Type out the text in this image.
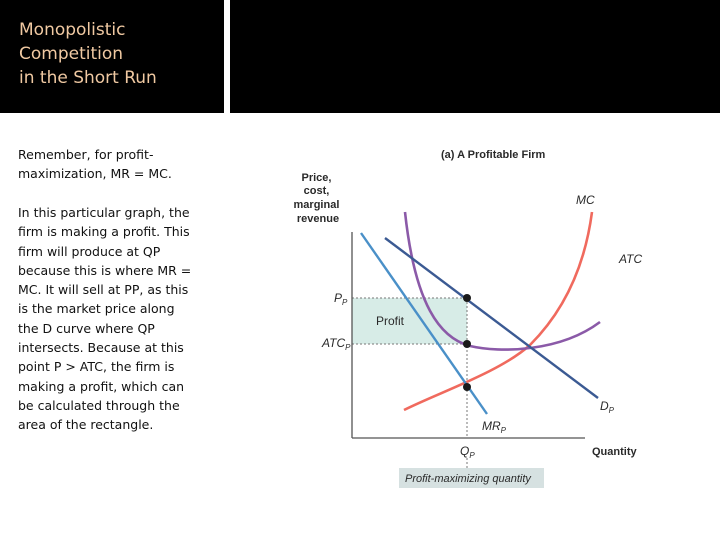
Monopolistic
Competition
in the Short Run
Remember, for profit-
maximization, MR = MC.
In this particular graph, the
firm is making a profit. This
firm will produce at QP
because this is where MR =
MC. It will sell at PP, as this
is the market price along
the D curve where QP
intersects. Because at this
point P > ATC, the firm is
making a profit, which can
be calculated through the
area of the rectangle.
(a) A Profitable Firm
Price, cost, marginal revenue
Profit
MC
ATC
$D_P$
$MR_P$
$P_P$
$ATC_P$
$Q_P$	Quantity
Profit-maximizing quantity
